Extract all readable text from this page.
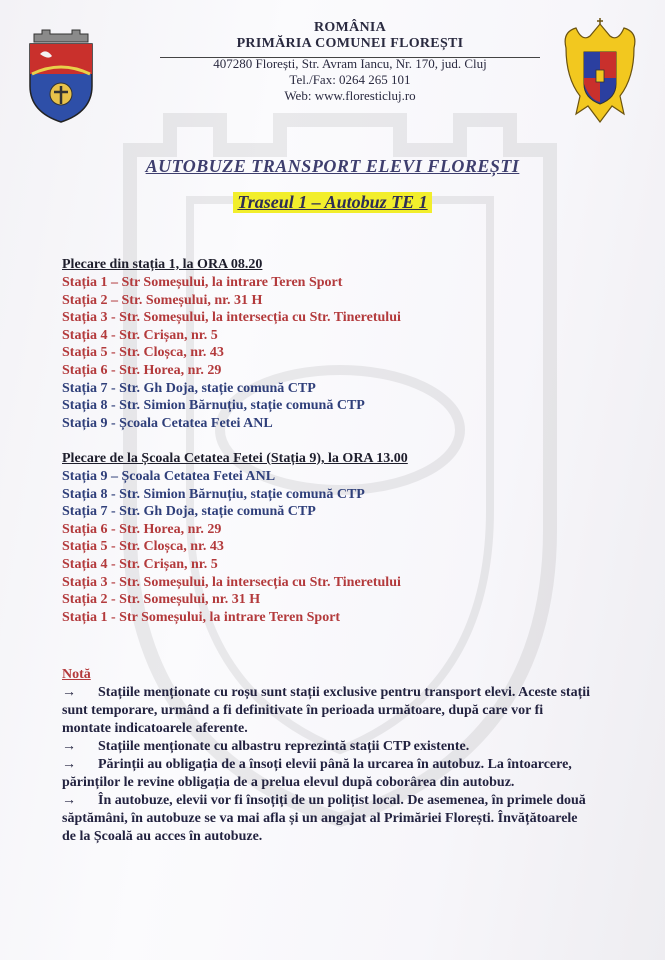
ROMÂNIA
PRIMĂRIA COMUNEI FLOREȘTI
407280 Florești, Str. Avram Iancu, Nr. 170, jud. Cluj
Tel./Fax: 0264 265 101
Web: www.floresticluj.ro
AUTOBUZE TRANSPORT ELEVI FLOREȘTI
Traseul 1 – Autobuz TE 1
Plecare din stația 1, la ORA 08.20
Stația 1 – Str Someșului, la intrare Teren Sport
Stația 2 – Str. Someșului, nr. 31 H
Stația 3 - Str. Someșului, la intersecția cu Str. Tineretului
Stația 4 - Str. Crișan, nr. 5
Stația 5 - Str. Cloșca, nr. 43
Stația 6 - Str. Horea, nr. 29
Stația 7 - Str. Gh Doja, stație comună CTP
Stația 8 - Str. Simion Bărnuțiu, stație comună CTP
Stația 9 - Școala Cetatea Fetei ANL
Plecare de la Școala Cetatea Fetei (Stația 9), la ORA 13.00
Stația 9 – Școala Cetatea Fetei ANL
Stația 8 - Str. Simion Bărnuțiu, stație comună CTP
Stația 7 - Str. Gh Doja, stație comună CTP
Stația 6 - Str. Horea, nr. 29
Stația 5 - Str. Cloșca, nr. 43
Stația 4 - Str. Crișan, nr. 5
Stația 3 - Str. Someșului, la intersecția cu Str. Tineretului
Stația 2 - Str. Someșului, nr. 31 H
Stația 1 - Str Someșului, la intrare Teren Sport
Notă

→ Stațiile menționate cu roșu sunt stații exclusive pentru transport elevi. Aceste stații sunt temporare, urmând a fi definitivate în perioada următoare, după care vor fi montate indicatoarele aferente.

→ Stațiile menționate cu albastru reprezintă stații CTP existente.

→ Părinții au obligația de a însoți elevii până la urcarea în autobuz. La întoarcere, părinților le revine obligația de a prelua elevul după coborârea din autobuz.

→ În autobuze, elevii vor fi însoțiți de un polițist local. De asemenea, în primele două săptămâni, în autobuze se va mai afla și un angajat al Primăriei Florești. Învățătoarele de la Școală au acces în autobuze.
